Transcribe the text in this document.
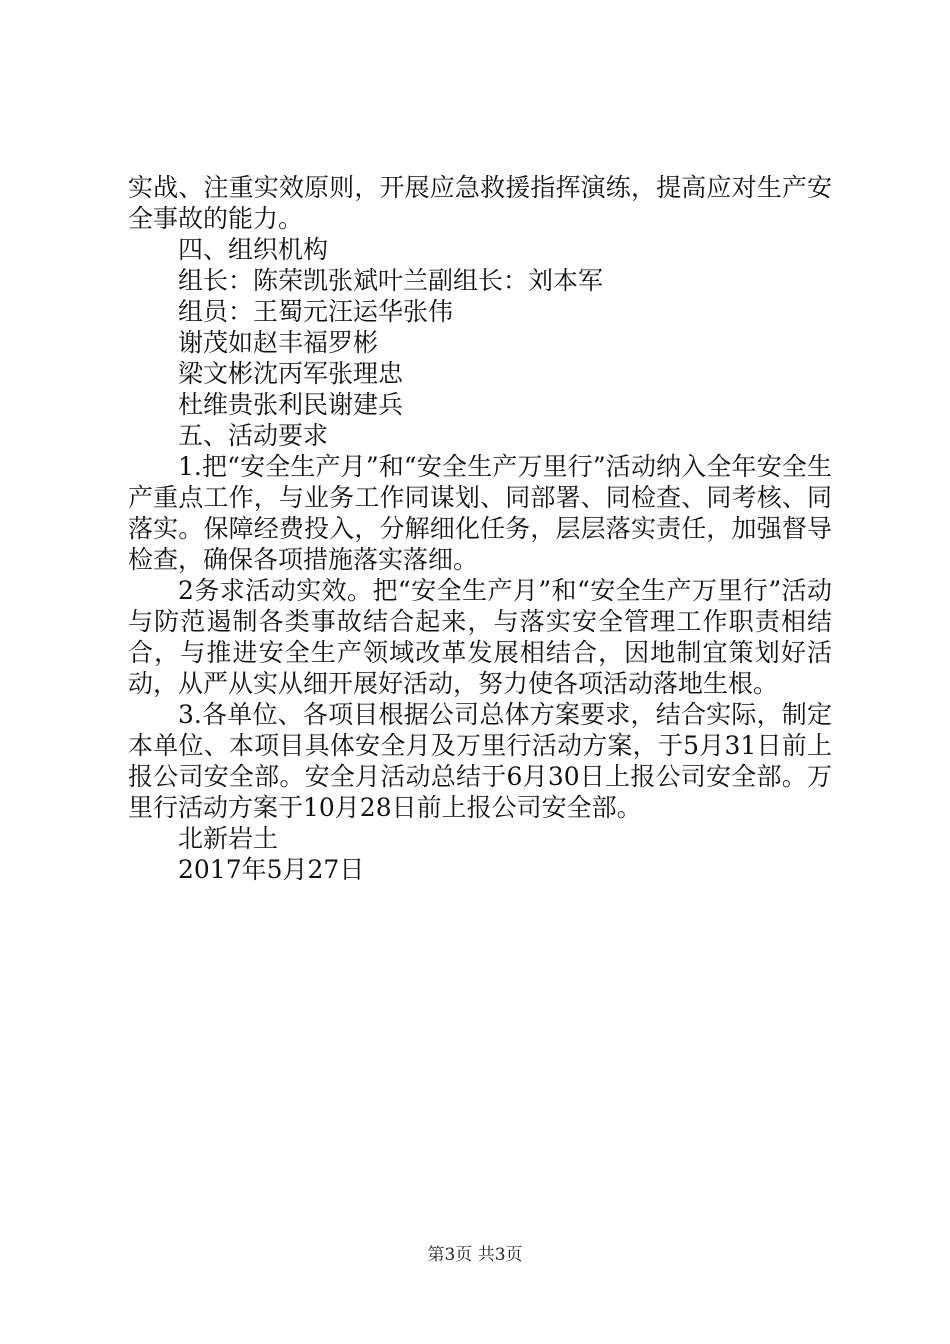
实战、注重实效原则，开展应急救援指挥演练，提高应对生产安全事故的能力。

四、组织机构

组长：陈荣凯张斌叶兰副组长：刘本军

组员：王蜀元汪运华张伟

谢茂如赵丰福罗彬

梁文彬沈丙军张理忠

杜维贵张利民谢建兵

五、活动要求

1.把“安全生产月”和“安全生产万里行”活动纳入全年安全生产重点工作，与业务工作同谋划、同部署、同检查、同考核、同落实。保障经费投入，分解细化任务，层层落实责任，加强督导检查，确保各项措施落实落细。

2务求活动实效。把“安全生产月”和“安全生产万里行”活动与防范遏制各类事故结合起来，与落实安全管理工作职责相结合，与推进安全生产领域改革发展相结合，因地制宜策划好活动，从严从实从细开展好活动，努力使各项活动落地生根。

3.各单位、各项目根据公司总体方案要求，结合实际，制定本单位、本项目具体安全月及万里行活动方案，于5月31日前上报公司安全部。安全月活动总结于6月30日上报公司安全部。万里行活动方案于10月28日前上报公司安全部。

北新岩土

2017年5月27日

第3页 共3页
